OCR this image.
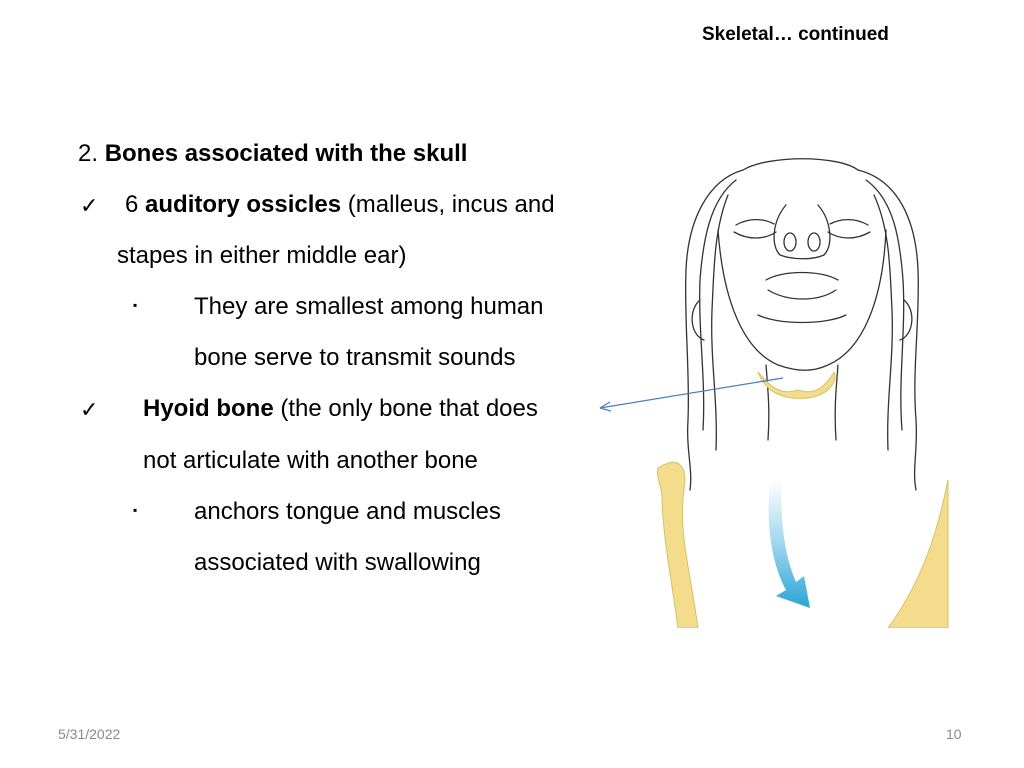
Skeletal… continued
2. Bones associated with the skull
✓ 6 auditory ossicles (malleus, incus and
stapes in either middle ear)
▪ They are smallest among human
bone serve to transmit sounds
✓ Hyoid bone (the only bone that does
not articulate with another bone
▪ anchors tongue and muscles
associated with swallowing
5/31/2022	10
